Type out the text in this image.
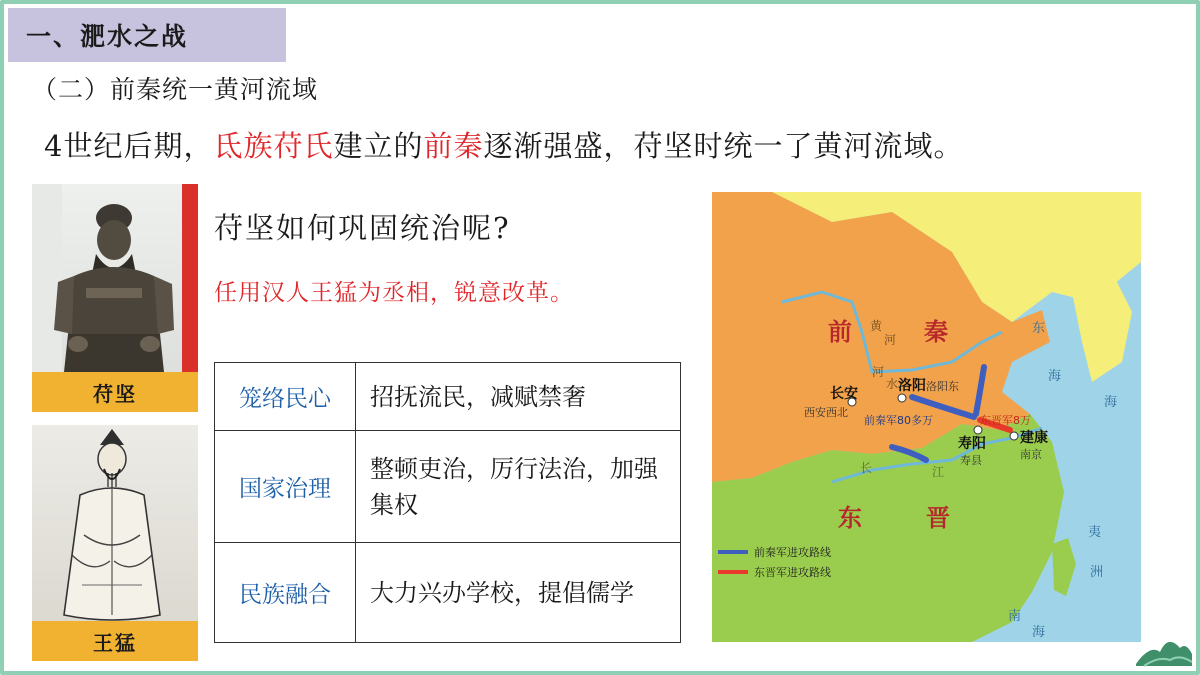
一、淝水之战
（二）前秦统一黄河流域
4世纪后期，氐族苻氏建立的前秦逐渐强盛，苻坚时统一了黄河流域。
苻坚
王猛
苻坚如何巩固统治呢?
任用汉人王猛为丞相，锐意改革。
笼络民心	招抚流民，减赋禁奢
国家治理	整顿吏治，厉行法治，加强集权
民族融合	大力兴办学校，提倡儒学
前	秦
东	晋
黄
河
河
水
长	江
长安
西安西北
洛阳 洛阳东
寿阳
寿县
建康
南京
前秦军80多万	东晋军8万
东
海
海
夷
洲
南
海
前秦军进攻路线
东晋军进攻路线
